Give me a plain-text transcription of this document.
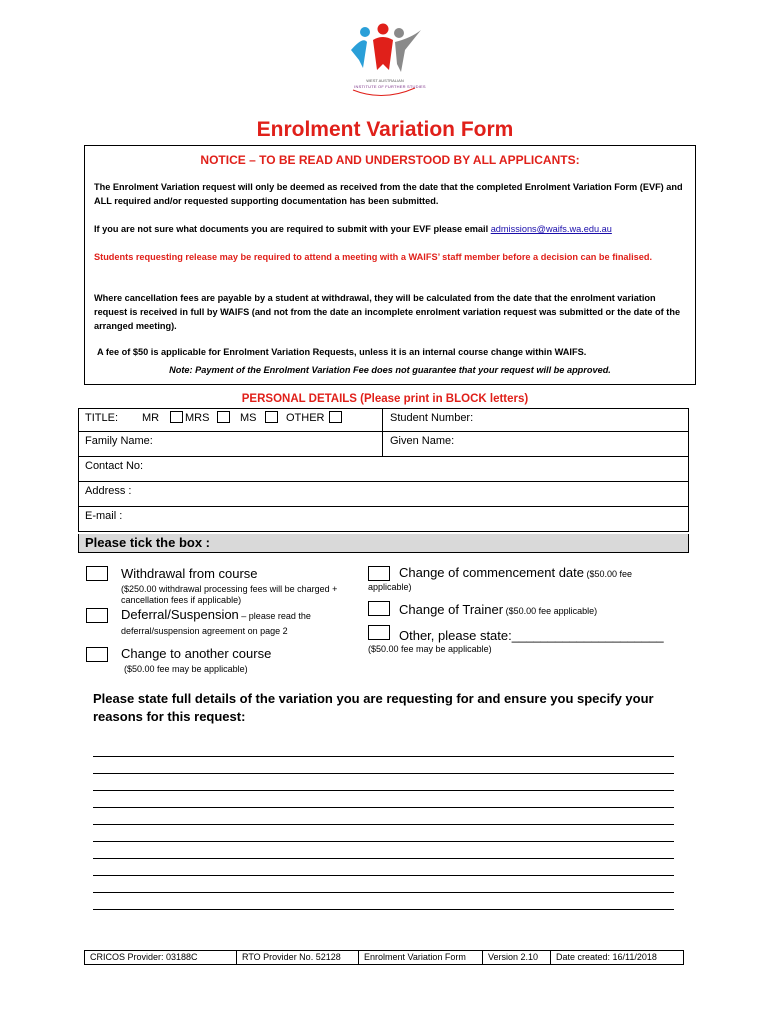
WEST AUSTRALIAN
INSTITUTE OF FURTHER STUDIES
Enrolment Variation Form
NOTICE – TO BE READ AND UNDERSTOOD BY ALL APPLICANTS:
The Enrolment Variation request will only be deemed as received from the date that the completed Enrolment Variation Form (EVF) and ALL required and/or requested supporting documentation has been submitted.
If you are not sure what documents you are required to submit with your EVF please email admissions@waifs.wa.edu.au
Students requesting release may be required to attend a meeting with a WAIFS’ staff member before a decision can be finalised.
Where cancellation fees are payable by a student at withdrawal, they will be calculated from the date that the enrolment variation request is received in full by WAIFS (and not from the date an incomplete enrolment variation request was submitted or the date of the arranged meeting).
A fee of $50 is applicable for Enrolment Variation Requests, unless it is an internal course change within WAIFS.
Note: Payment of the Enrolment Variation Fee does not guarantee that your request will be approved.
PERSONAL DETAILS (Please print in BLOCK letters)
TITLE: MR MRS	MS	OTHER	Student Number:
Family Name:	Given Name:
Contact No:
Address :
E-mail :
Please tick the box :
Withdrawal from course
($250.00 withdrawal processing fees will be charged + cancellation fees if applicable)
Deferral/Suspension – please read the
deferral/suspension agreement on page 2
Change to another course
($50.00 fee may be applicable)
Change of commencement date ($50.00 fee
applicable)
Change of Trainer ($50.00 fee applicable)
Other, please state:_____________________
($50.00 fee may be applicable)
Please state full details of the variation you are requesting for and ensure you specify your reasons for this request:
CRICOS Provider: 03188C	RTO Provider No. 52128	Enrolment Variation Form	Version 2.10	Date created: 16/11/2018
